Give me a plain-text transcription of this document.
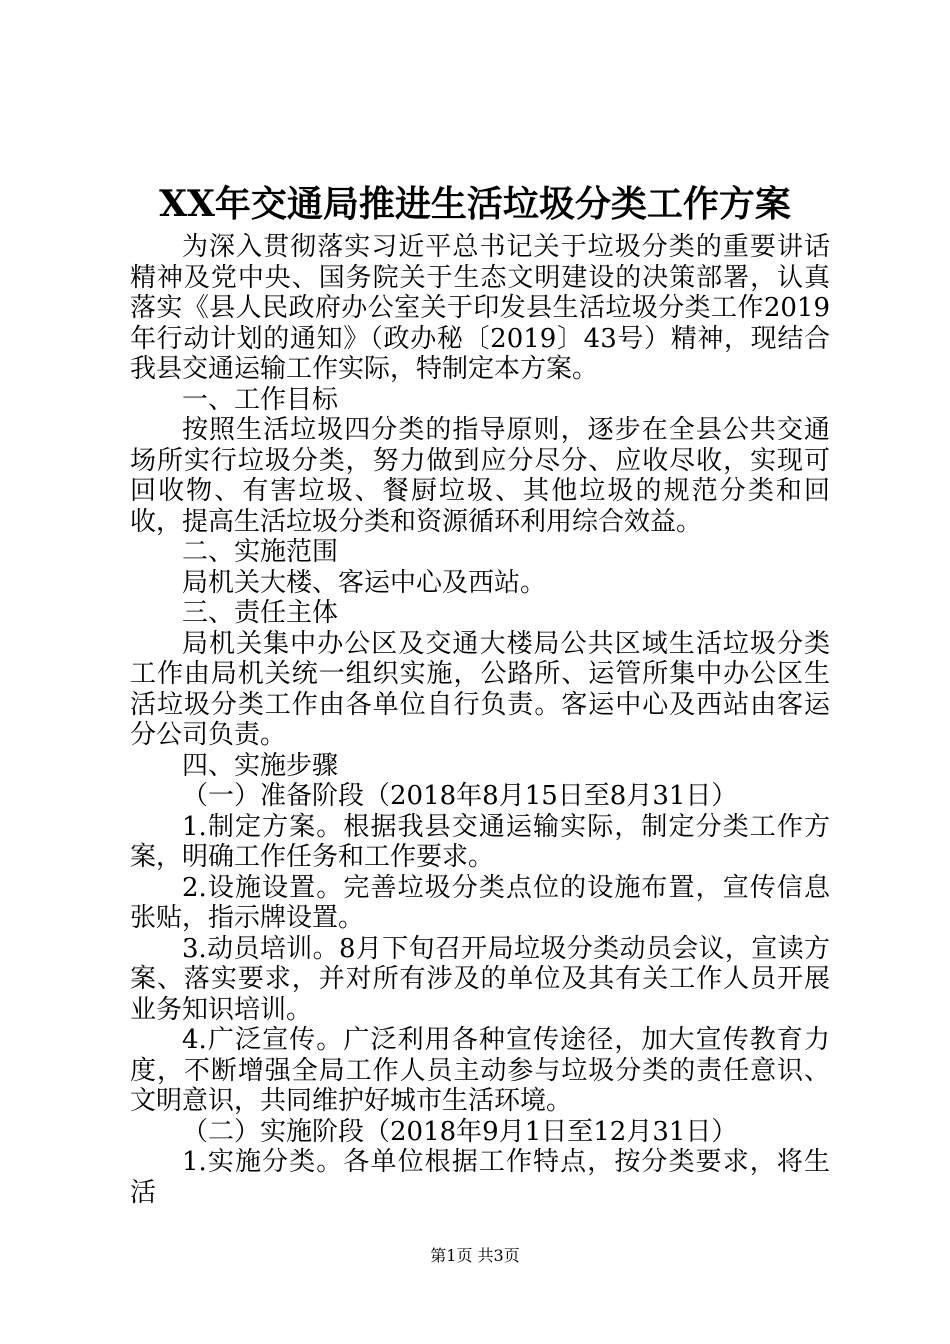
XX年交通局推进生活垃圾分类工作方案

为深入贯彻落实习近平总书记关于垃圾分类的重要讲话精神及党中央、国务院关于生态文明建设的决策部署，认真落实《县人民政府办公室关于印发县生活垃圾分类工作2019年行动计划的通知》（政办秘〔2019〕43号）精神，现结合我县交通运输工作实际，特制定本方案。

一、工作目标

按照生活垃圾四分类的指导原则，逐步在全县公共交通场所实行垃圾分类，努力做到应分尽分、应收尽收，实现可回收物、有害垃圾、餐厨垃圾、其他垃圾的规范分类和回收，提高生活垃圾分类和资源循环利用综合效益。

二、实施范围

局机关大楼、客运中心及西站。

三、责任主体

局机关集中办公区及交通大楼局公共区域生活垃圾分类工作由局机关统一组织实施，公路所、运管所集中办公区生活垃圾分类工作由各单位自行负责。客运中心及西站由客运分公司负责。

四、实施步骤

（一）准备阶段（2018年8月15日至8月31日）

1.制定方案。根据我县交通运输实际，制定分类工作方案，明确工作任务和工作要求。

2.设施设置。完善垃圾分类点位的设施布置，宣传信息张贴，指示牌设置。

3.动员培训。8月下旬召开局垃圾分类动员会议，宣读方案、落实要求，并对所有涉及的单位及其有关工作人员开展业务知识培训。

4.广泛宣传。广泛利用各种宣传途径，加大宣传教育力度，不断增强全局工作人员主动参与垃圾分类的责任意识、文明意识，共同维护好城市生活环境。

（二）实施阶段（2018年9月1日至12月31日）

1.实施分类。各单位根据工作特点，按分类要求，将生活

第1页 共3页
